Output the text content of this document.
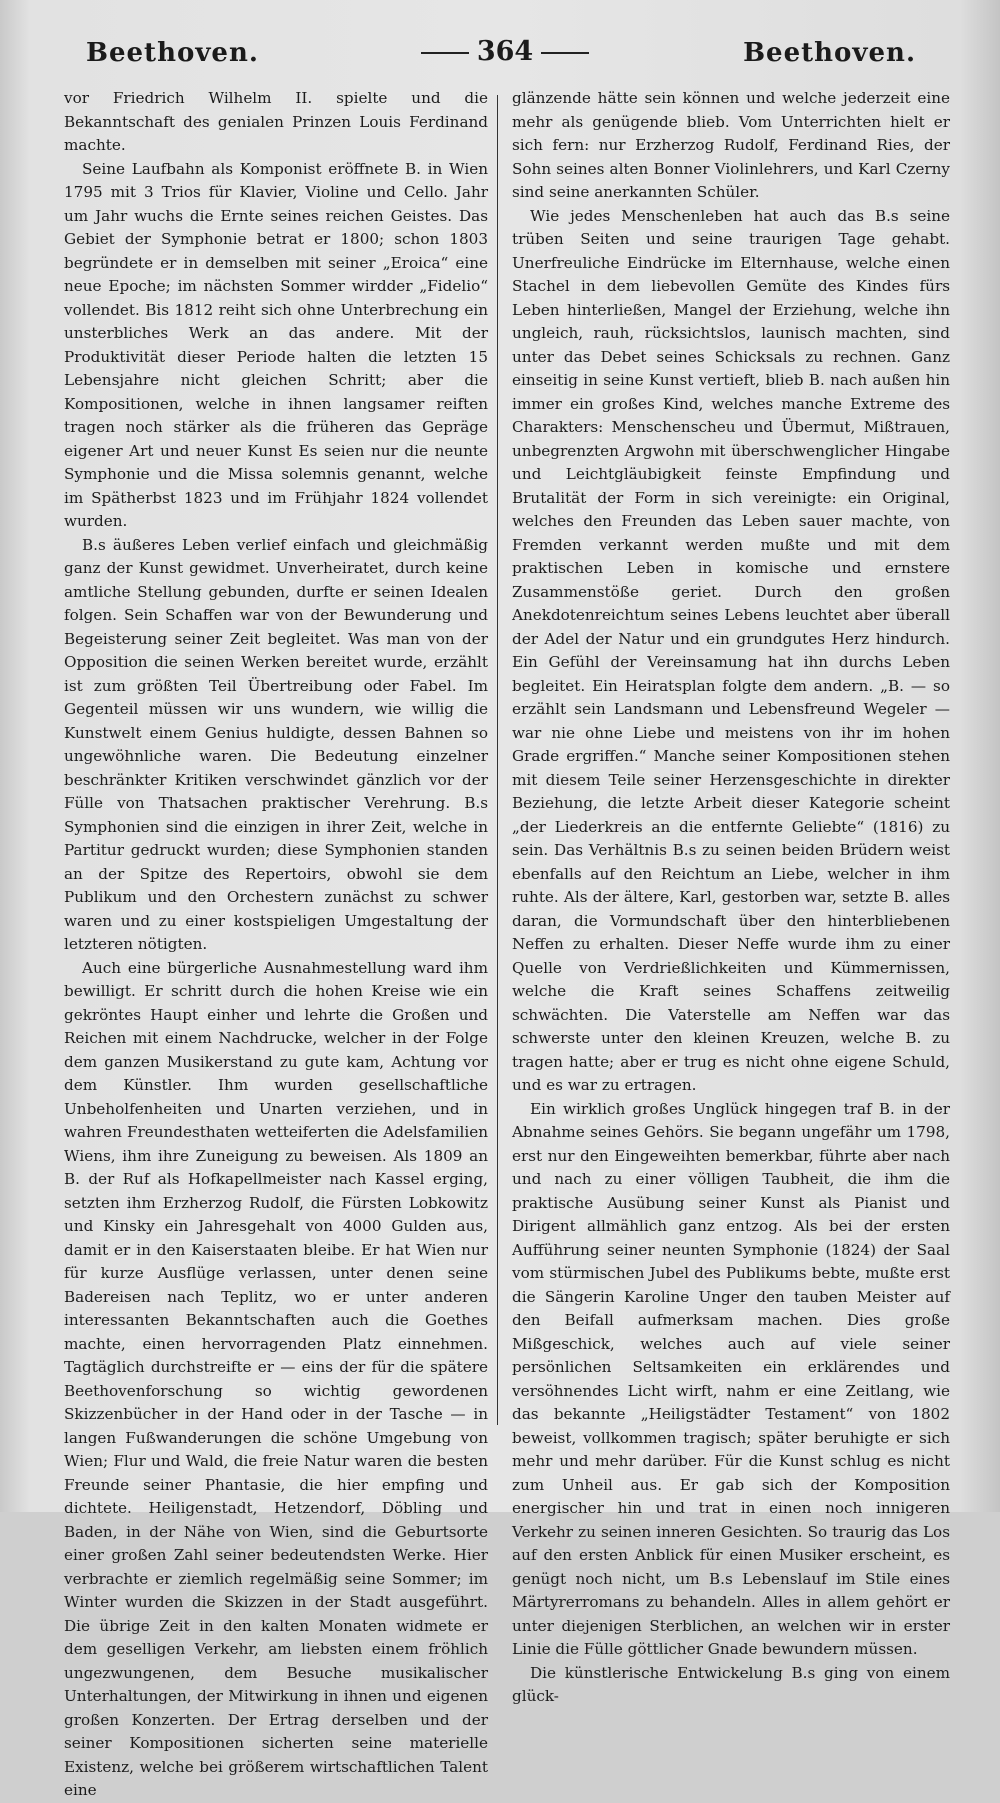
Beethoven.	364	Beethoven.

vor Friedrich Wilhelm II. spielte und die Bekanntschaft des genialen Prinzen Louis Ferdinand machte.

Seine Laufbahn als Komponist eröffnete B. in Wien 1795 mit 3 Trios für Klavier, Violine und Cello. Jahr um Jahr wuchs die Ernte seines reichen Geistes. Das Gebiet der Symphonie betrat er 1800; schon 1803 begründete er in demselben mit seiner „Eroica“ eine neue Epoche; im nächsten Sommer wirdder „Fidelio“ vollendet. Bis 1812 reiht sich ohne Unterbrechung ein unsterbliches Werk an das andere. Mit der Produktivität dieser Periode halten die letzten 15 Lebensjahre nicht gleichen Schritt; aber die Kompositionen, welche in ihnen langsamer reiften tragen noch stärker als die früheren das Gepräge eigener Art und neuer Kunst Es seien nur die neunte Symphonie und die Missa solemnis genannt, welche im Spätherbst 1823 und im Frühjahr 1824 vollendet wurden.

B.s äußeres Leben verlief einfach und gleichmäßig ganz der Kunst gewidmet. Unverheiratet, durch keine amtliche Stellung gebunden, durfte er seinen Idealen folgen. Sein Schaffen war von der Bewunderung und Begeisterung seiner Zeit begleitet. Was man von der Opposition die seinen Werken bereitet wurde, erzählt ist zum größten Teil Übertreibung oder Fabel. Im Gegenteil müssen wir uns wundern, wie willig die Kunstwelt einem Genius huldigte, dessen Bahnen so ungewöhnliche waren. Die Bedeutung einzelner beschränkter Kritiken verschwindet gänzlich vor der Fülle von Thatsachen praktischer Verehrung. B.s Symphonien sind die einzigen in ihrer Zeit, welche in Partitur gedruckt wurden; diese Symphonien standen an der Spitze des Repertoirs, obwohl sie dem Publikum und den Orchestern zunächst zu schwer waren und zu einer kostspieligen Umgestaltung der letzteren nötigten.

Auch eine bürgerliche Ausnahmestellung ward ihm bewilligt. Er schritt durch die hohen Kreise wie ein gekröntes Haupt einher und lehrte die Großen und Reichen mit einem Nachdrucke, welcher in der Folge dem ganzen Musikerstand zu gute kam, Achtung vor dem Künstler. Ihm wurden gesellschaftliche Unbeholfenheiten und Unarten verziehen, und in wahren Freundesthaten wetteiferten die Adelsfamilien Wiens, ihm ihre Zuneigung zu beweisen. Als 1809 an B. der Ruf als Hofkapellmeister nach Kassel erging, setzten ihm Erzherzog Rudolf, die Fürsten Lobkowitz und Kinsky ein Jahresgehalt von 4000 Gulden aus, damit er in den Kaiserstaaten bleibe. Er hat Wien nur für kurze Ausflüge verlassen, unter denen seine Badereisen nach Teplitz, wo er unter anderen interessanten Bekanntschaften auch die Goethes machte, einen hervorragenden Platz einnehmen. Tagtäglich durchstreifte er — eins der für die spätere Beethovenforschung so wichtig gewordenen Skizzenbücher in der Hand oder in der Tasche — in langen Fußwanderungen die schöne Umgebung von Wien; Flur und Wald, die freie Natur waren die besten Freunde seiner Phantasie, die hier empfing und dichtete. Heiligenstadt, Hetzendorf, Döbling und Baden, in der Nähe von Wien, sind die Geburtsorte einer großen Zahl seiner bedeutendsten Werke. Hier verbrachte er ziemlich regelmäßig seine Sommer; im Winter wurden die Skizzen in der Stadt ausgeführt. Die übrige Zeit in den kalten Monaten widmete er dem geselligen Verkehr, am liebsten einem fröhlich ungezwungenen, dem Besuche musikalischer Unterhaltungen, der Mitwirkung in ihnen und eigenen großen Konzerten. Der Ertrag derselben und der seiner Kompositionen sicherten seine materielle Existenz, welche bei größerem wirtschaftlichen Talent eine

glänzende hätte sein können und welche jederzeit eine mehr als genügende blieb. Vom Unterrichten hielt er sich fern: nur Erzherzog Rudolf, Ferdinand Ries, der Sohn seines alten Bonner Violinlehrers, und Karl Czerny sind seine anerkannten Schüler.

Wie jedes Menschenleben hat auch das B.s seine trüben Seiten und seine traurigen Tage gehabt. Unerfreuliche Eindrücke im Elternhause, welche einen Stachel in dem liebevollen Gemüte des Kindes fürs Leben hinterließen, Mangel der Erziehung, welche ihn ungleich, rauh, rücksichtslos, launisch machten, sind unter das Debet seines Schicksals zu rechnen. Ganz einseitig in seine Kunst vertieft, blieb B. nach außen hin immer ein großes Kind, welches manche Extreme des Charakters: Menschenscheu und Übermut, Mißtrauen, unbegrenzten Argwohn mit überschwenglicher Hingabe und Leichtgläubigkeit feinste Empfindung und Brutalität der Form in sich vereinigte: ein Original, welches den Freunden das Leben sauer machte, von Fremden verkannt werden mußte und mit dem praktischen Leben in komische und ernstere Zusammenstöße geriet. Durch den großen Anekdotenreichtum seines Lebens leuchtet aber überall der Adel der Natur und ein grundgutes Herz hindurch. Ein Gefühl der Vereinsamung hat ihn durchs Leben begleitet. Ein Heiratsplan folgte dem andern. „B. — so erzählt sein Landsmann und Lebensfreund Wegeler — war nie ohne Liebe und meistens von ihr im hohen Grade ergriffen.“ Manche seiner Kompositionen stehen mit diesem Teile seiner Herzensgeschichte in direkter Beziehung, die letzte Arbeit dieser Kategorie scheint „der Liederkreis an die entfernte Geliebte“ (1816) zu sein. Das Verhältnis B.s zu seinen beiden Brüdern weist ebenfalls auf den Reichtum an Liebe, welcher in ihm ruhte. Als der ältere, Karl, gestorben war, setzte B. alles daran, die Vormundschaft über den hinterbliebenen Neffen zu erhalten. Dieser Neffe wurde ihm zu einer Quelle von Verdrießlichkeiten und Kümmernissen, welche die Kraft seines Schaffens zeitweilig schwächten. Die Vaterstelle am Neffen war das schwerste unter den kleinen Kreuzen, welche B. zu tragen hatte; aber er trug es nicht ohne eigene Schuld, und es war zu ertragen.

Ein wirklich großes Unglück hingegen traf B. in der Abnahme seines Gehörs. Sie begann ungefähr um 1798, erst nur den Eingeweihten bemerkbar, führte aber nach und nach zu einer völligen Taubheit, die ihm die praktische Ausübung seiner Kunst als Pianist und Dirigent allmählich ganz entzog. Als bei der ersten Aufführung seiner neunten Symphonie (1824) der Saal vom stürmischen Jubel des Publikums bebte, mußte erst die Sängerin Karoline Unger den tauben Meister auf den Beifall aufmerksam machen. Dies große Mißgeschick, welches auch auf viele seiner persönlichen Seltsamkeiten ein erklärendes und versöhnendes Licht wirft, nahm er eine Zeitlang, wie das bekannte „Heiligstädter Testament“ von 1802 beweist, vollkommen tragisch; später beruhigte er sich mehr und mehr darüber. Für die Kunst schlug es nicht zum Unheil aus. Er gab sich der Komposition energischer hin und trat in einen noch innigeren Verkehr zu seinen inneren Gesichten. So traurig das Los auf den ersten Anblick für einen Musiker erscheint, es genügt noch nicht, um B.s Lebenslauf im Stile eines Märtyrerromans zu behandeln. Alles in allem gehört er unter diejenigen Sterblichen, an welchen wir in erster Linie die Fülle göttlicher Gnade bewundern müssen.

Die künstlerische Entwickelung B.s ging von einem glück-
